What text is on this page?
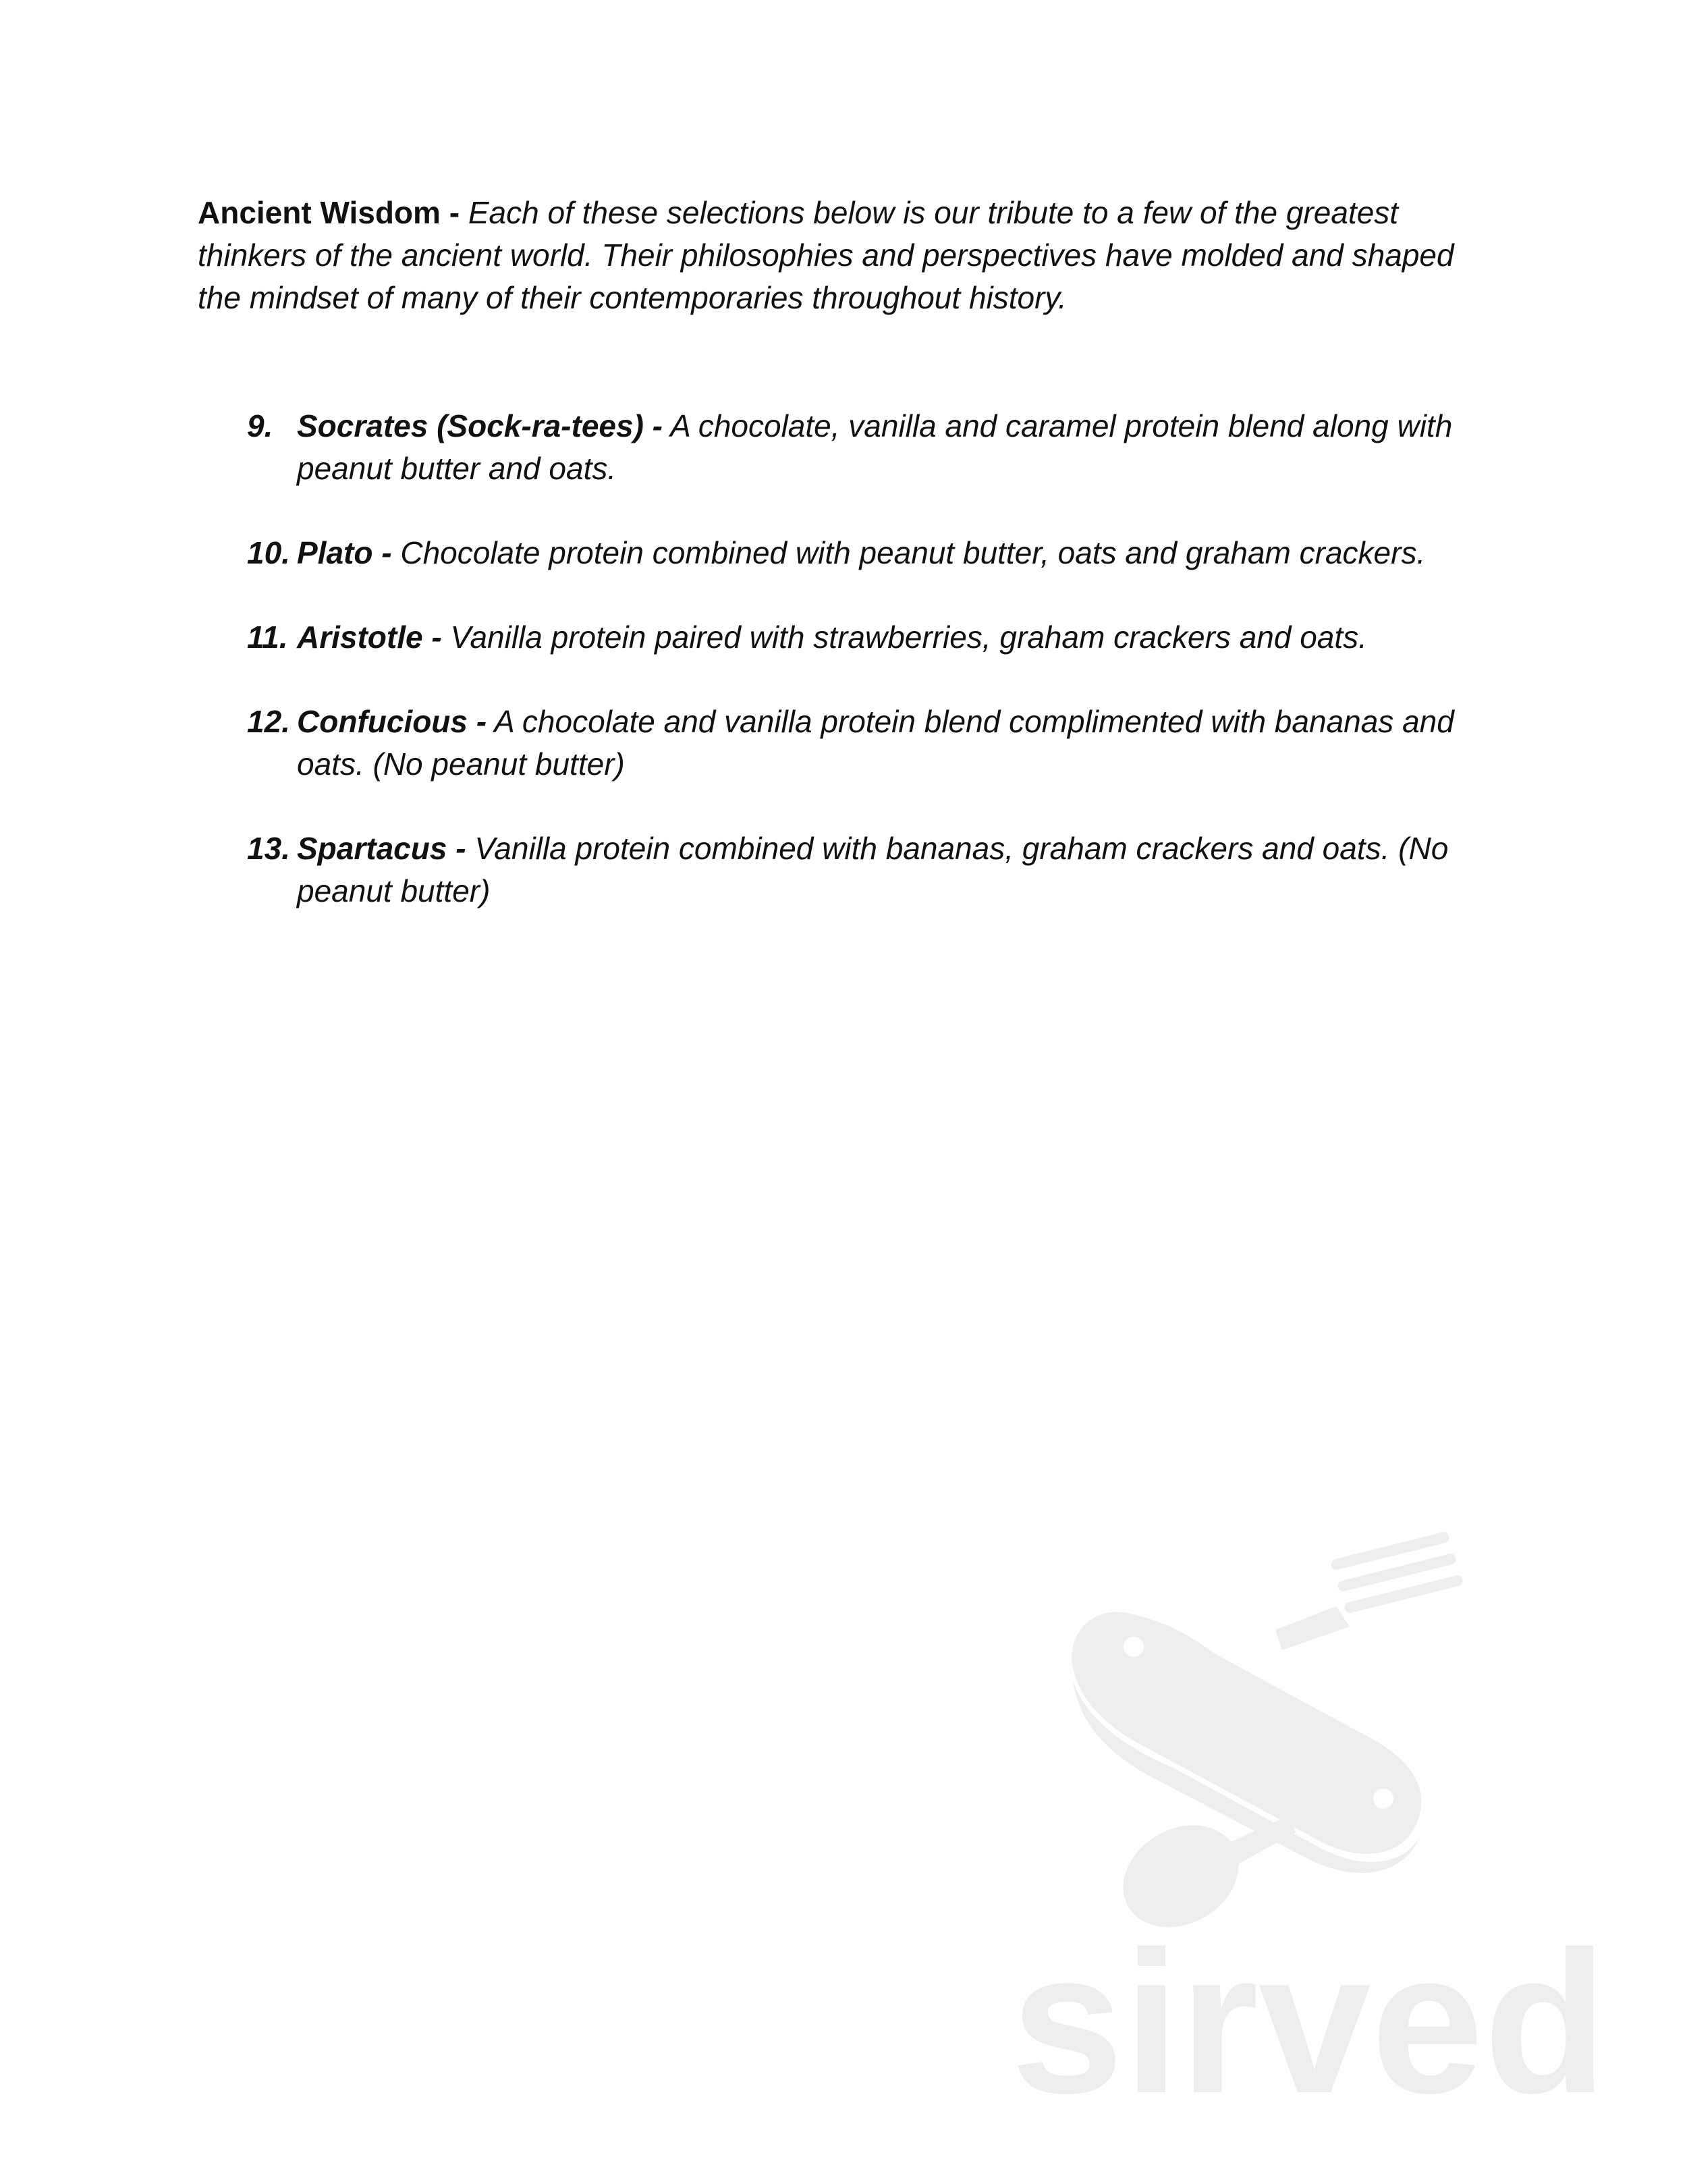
Ancient Wisdom - Each of these selections below is our tribute to a few of the greatest thinkers of the ancient world. Their philosophies and perspectives have molded and shaped the mindset of many of their contemporaries throughout history.

9. Socrates (Sock-ra-tees) - A chocolate, vanilla and caramel protein blend along with peanut butter and oats.
10. Plato - Chocolate protein combined with peanut butter, oats and graham crackers.
11. Aristotle - Vanilla protein paired with strawberries, graham crackers and oats.
12. Confucious - A chocolate and vanilla protein blend complimented with bananas and oats. (No peanut butter)
13. Spartacus - Vanilla protein combined with bananas, graham crackers and oats. (No peanut butter)
sirved
